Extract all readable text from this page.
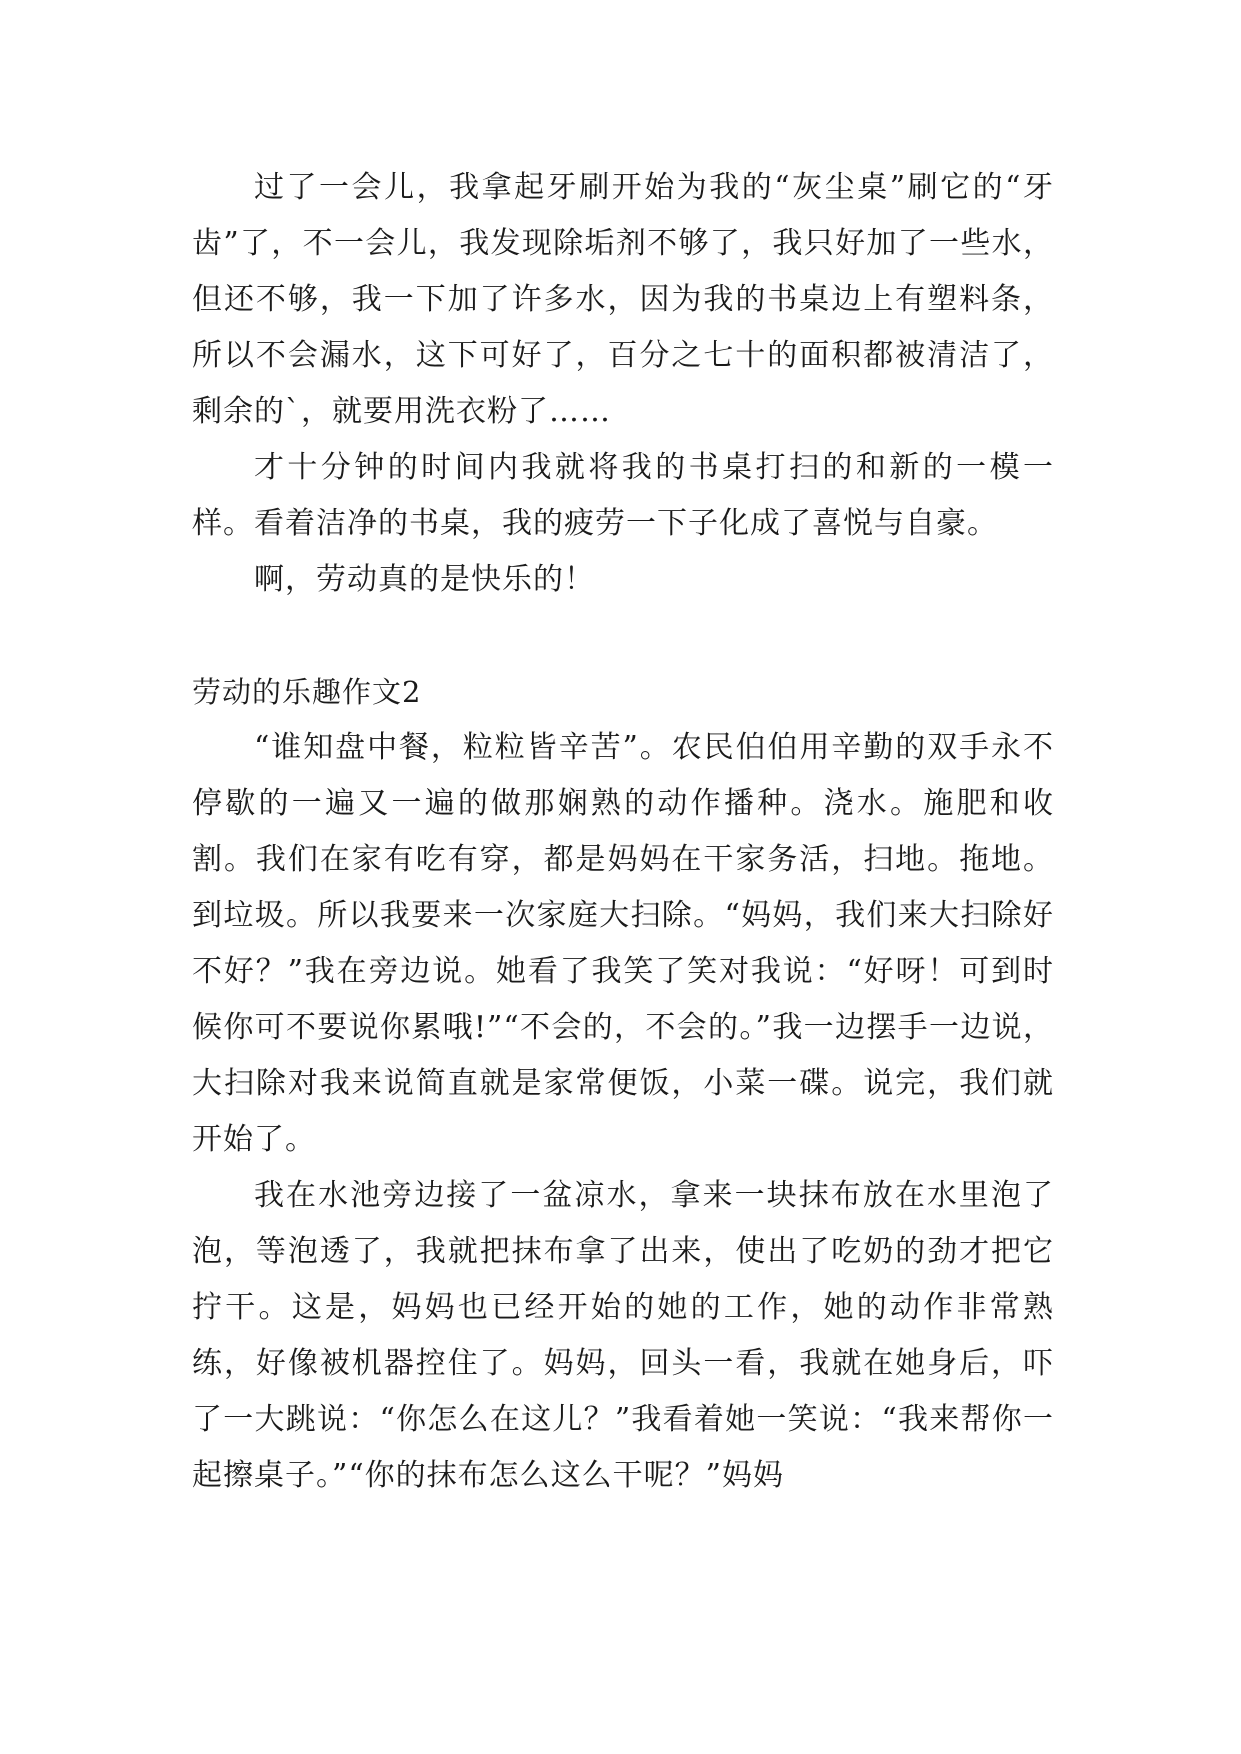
过了一会儿，我拿起牙刷开始为我的“灰尘桌”刷它的“牙齿”了，不一会儿，我发现除垢剂不够了，我只好加了一些水，但还不够，我一下加了许多水，因为我的书桌边上有塑料条，所以不会漏水，这下可好了，百分之七十的面积都被清洁了，剩余的`，就要用洗衣粉了……

才十分钟的时间内我就将我的书桌打扫的和新的一模一样。看着洁净的书桌，我的疲劳一下子化成了喜悦与自豪。

啊，劳动真的是快乐的！

劳动的乐趣作文2

“谁知盘中餐，粒粒皆辛苦”。农民伯伯用辛勤的双手永不停歇的一遍又一遍的做那娴熟的动作播种。浇水。施肥和收割。我们在家有吃有穿，都是妈妈在干家务活，扫地。拖地。到垃圾。所以我要来一次家庭大扫除。“妈妈，我们来大扫除好不好？”我在旁边说。她看了我笑了笑对我说：“好呀！可到时候你可不要说你累哦!”“不会的，不会的。”我一边摆手一边说，大扫除对我来说简直就是家常便饭，小菜一碟。说完，我们就开始了。

我在水池旁边接了一盆凉水，拿来一块抹布放在水里泡了泡，等泡透了，我就把抹布拿了出来，使出了吃奶的劲才把它拧干。这是，妈妈也已经开始的她的工作，她的动作非常熟练，好像被机器控住了。妈妈，回头一看，我就在她身后，吓了一大跳说：“你怎么在这儿？”我看着她一笑说：“我来帮你一起擦桌子。”“你的抹布怎么这么干呢？”妈妈
